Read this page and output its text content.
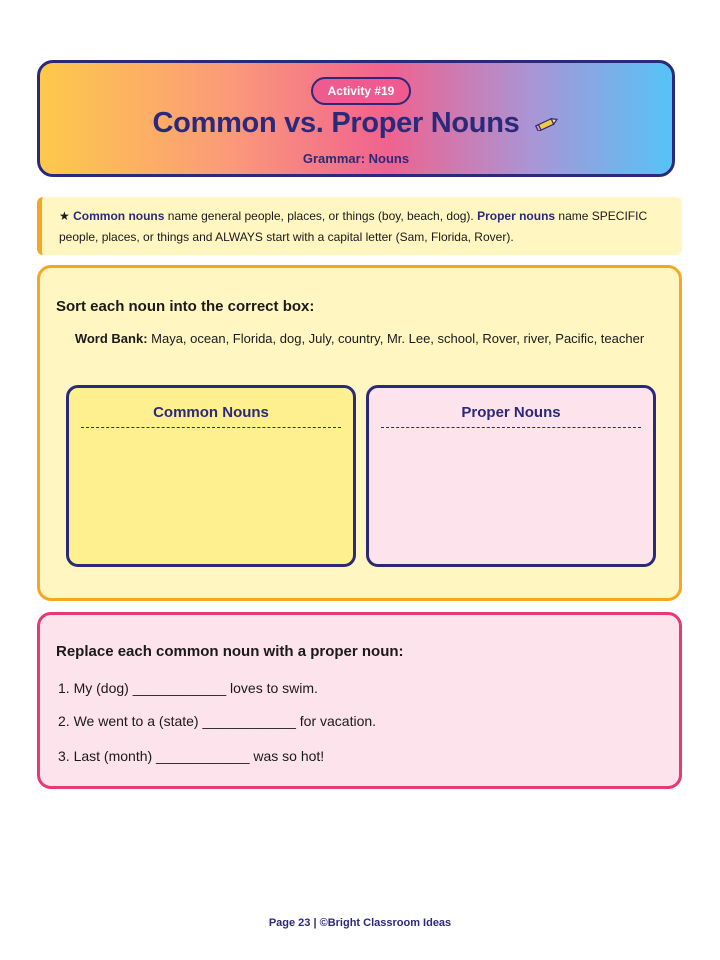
Activity #19
Common vs. Proper Nouns
Grammar: Nouns
★ Common nouns name general people, places, or things (boy, beach, dog). Proper nouns name SPECIFIC people, places, or things and ALWAYS start with a capital letter (Sam, Florida, Rover).
Sort each noun into the correct box:
Word Bank: Maya, ocean, Florida, dog, July, country, Mr. Lee, school, Rover, river, Pacific, teacher
Common Nouns	Proper Nouns
Replace each common noun with a proper noun:
1. My (dog) ____________ loves to swim.
2. We went to a (state) ____________ for vacation.
3. Last (month) ____________ was so hot!
Page 23 | ©Bright Classroom Ideas
